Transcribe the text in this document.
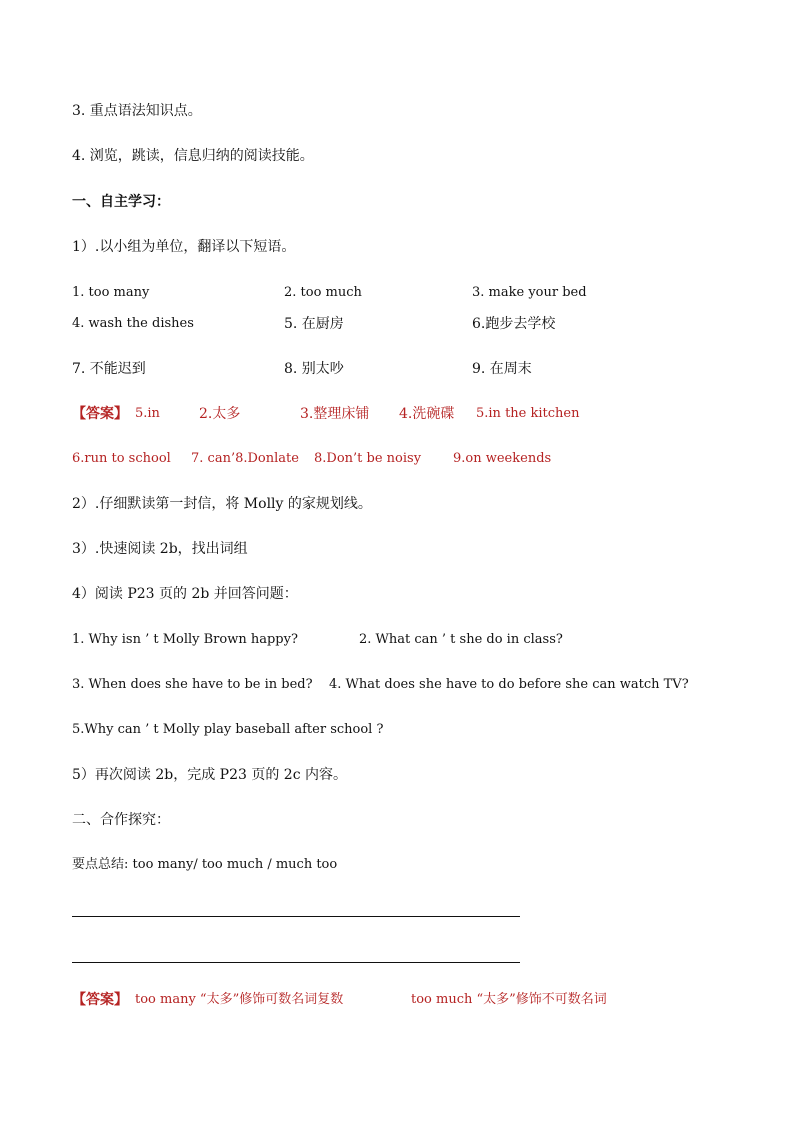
3. 重点语法知识点。
4. 浏览，跳读，信息归纳的阅读技能。
一、自主学习：
1）.以小组为单位，翻译以下短语。
1. too many	2. too much	3. make your bed
4. wash the dishes	5. 在厨房	6.跑步去学校
7. 不能迟到	8. 别太吵	9. 在周末
【答案】 5.in	2.太多	3.整理床铺 4.洗碗碟 5.in the kitchen
6.run to school 7. can’8.Donlate 8.Don’t be noisy 9.on weekends
2）.仔细默读第一封信，将 Molly 的家规划线。
3）.快速阅读 2b，找出词组
4）阅读 P23 页的 2b 并回答问题：
1. Why isn ’ t Molly Brown happy?	2. What can ’ t she do in class?
3. When does she have to be in bed? 4. What does she have to do before she can watch TV?
5.Why can ’ t Molly play baseball after school ?
5）再次阅读 2b，完成 P23 页的 2c 内容。
二、合作探究：
要点总结: too many/ too much / much too
【答案】 too many “太多”修饰可数名词复数	too much “太多”修饰不可数名词
